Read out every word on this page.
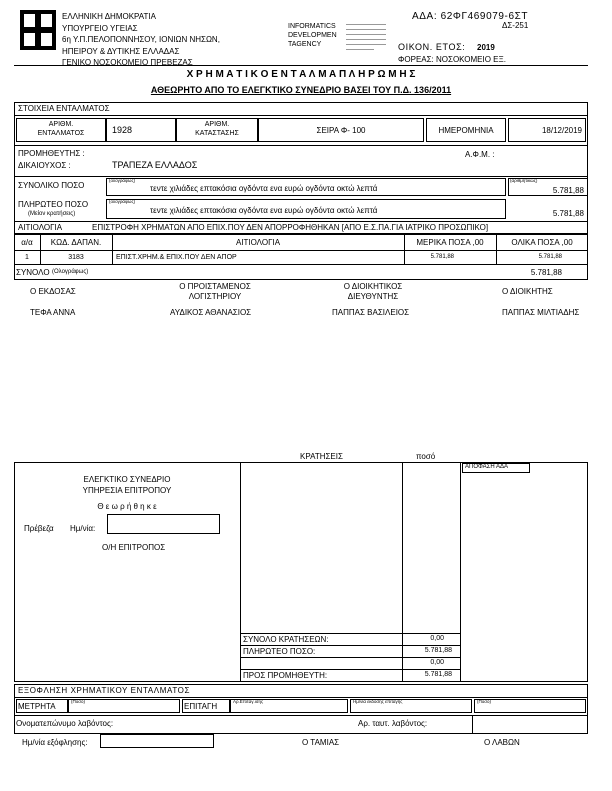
ΕΛΛΗΝΙΚΗ ΔΗΜΟΚΡΑΤΙΑ
ΥΠΟΥΡΓΕΙΟ ΥΓΕΙΑΣ
6η Υ.Π.ΠΕΛΟΠΟΝΝΗΣΟΥ, ΙΟΝΙΩΝ ΝΗΣΩΝ,
ΗΠΕΙΡΟΥ & ΔΥΤΙΚΗΣ ΕΛΛΑΔΑΣ
ΓΕΝΙΚΟ ΝΟΣΟΚΟΜΕΙΟ ΠΡΕΒΕΖΑΣ
INFORMATICS
DEVELOPMEN
TAGENCY
ΑΔΑ: 62ΦΓ469079-6ΣΤ
ΔΣ-251
ΟΙΚΟΝ. ΕΤΟΣ: 2019
ΦΟΡΕΑΣ: ΝΟΣΟΚΟΜΕΙΟ ΕΞ.
Χ Ρ Η Μ Α Τ Ι Κ Ο Ε Ν Τ Α Λ Μ Α Π Λ Η Ρ Ω Μ Η Σ
ΑΘΕΩΡΗΤΟ ΑΠΟ ΤΟ ΕΛΕΓΚΤΙΚΟ ΣΥΝΕΔΡΙΟ ΒΑΣΕΙ ΤΟΥ Π.Δ. 136/2011
ΣΤΟΙΧΕΙΑ ΕΝΤΑΛΜΑΤΟΣ
ΑΡΙΘΜ.
ΕΝΤΑΛΜΑΤΟΣ	1928
ΑΡΙΘΜ.
ΚΑΤΑΣΤΑΣΗΣ	ΣΕΙΡΑ Φ- 100	ΗΜΕΡΟΜΗΝΙΑ	18/12/2019
ΠΡΟΜΗΘΕΥΤΗΣ :
ΔΙΚΑΙΟΥΧΟΣ :	ΤΡΑΠΕΖΑ ΕΛΛΑΔΟΣ
Α.Φ.Μ. :
ΣΥΝΟΛΙΚΟ ΠΟΣΟ
(ολογράφως)
τεντε χιλιάδες επτακόσια ογδόντα ενα ευρώ ογδόντα οκτώ λεπτά
(αριθμητικώς)
5.781,88
ΠΛΗΡΩΤΕΟ ΠΟΣΟ
(Μείον κρατήσεις)
(ολογράφως)
τεντε χιλιάδες επτακόσια ογδόντα ενα ευρώ ογδόντα οκτώ λεπτά	5.781,88
ΑΙΤΙΟΛΟΓΙΑ	ΕΠΙΣΤΡΟΦΗ ΧΡΗΜΑΤΩΝ ΑΠΟ ΕΠΙΧ.ΠΟΥ ΔΕΝ ΑΠΟΡΡΟΦΗΘΗΚΑΝ [ΑΠΟ Ε.Σ.ΠΑ.ΓΙΑ ΙΑΤΡΙΚΟ ΠΡΟΣΩΠΙΚΟ]
α/α	ΚΩΔ. ΔΑΠΑΝ.	ΑΙΤΙΟΛΟΓΙΑ	ΜΕΡΙΚΑ ΠΟΣΑ ,00	ΟΛΙΚΑ ΠΟΣΑ ,00
1	3183	ΕΠΙΣΤ.ΧΡΗΜ.& ΕΠΙΧ.ΠΟΥ ΔΕΝ ΑΠΟΡ	5.781,88	5.781,88
ΣΥΝΟΛΟ (Ολογράφως)	5.781,88
Ο ΕΚΔΟΣΑΣ
ΤΕΦΑ ΑΝΝΑ
Ο ΠΡΟΙΣΤΑΜΕΝΟΣ ΛΟΓΙΣΤΗΡΙΟΥ
ΑΥΔΙΚΟΣ ΑΘΑΝΑΣΙΟΣ
Ο ΔΙΟΙΚΗΤΙΚΟΣ ΔΙΕΥΘΥΝΤΗΣ
ΠΑΠΠΑΣ ΒΑΣΙΛΕΙΟΣ
Ο ΔΙΟΙΚΗΤΗΣ
ΠΑΠΠΑΣ ΜΙΛΤΙΑΔΗΣ
ΚΡΑΤΗΣΕΙΣ	ποσό
ΑΠΟΦΑΣΗ ΑΔΑ
ΕΛΕΓΚΤΙΚΟ ΣΥΝΕΔΡΙΟ
ΥΠΗΡΕΣΙΑ ΕΠΙΤΡΟΠΟΥ
Θ ε ω ρ ή θ η κ ε
Πρέβεζα Ημ/νία:
Ο/Η ΕΠΙΤΡΟΠΟΣ
ΣΥΝΟΛΟ ΚΡΑΤΗΣΕΩΝ:	0,00
ΠΛΗΡΩΤΕΟ ΠΟΣΟ:	5.781,88
0,00
ΠΡΟΣ ΠΡΟΜΗΘΕΥΤΗ:	5.781,88
ΕΞΟΦΛΗΣΗ ΧΡΗΜΑΤΙΚΟΥ ΕΝΤΑΛΜΑΤΟΣ
ΜΕΤΡΗΤΑ
(Ποσό)
ΕΠΙΤΑΓΗ
Αρ.Επιταγ.ισης	Ημ/νία εκδοσης επιταγής	(Ποσό)
Ονοματεπώνυμο λαβόντος:	Αρ. ταυτ. λαβόντος:
Ημ/νία εξόφλησης:	Ο ΤΑΜΙΑΣ	Ο ΛΑΒΩΝ
